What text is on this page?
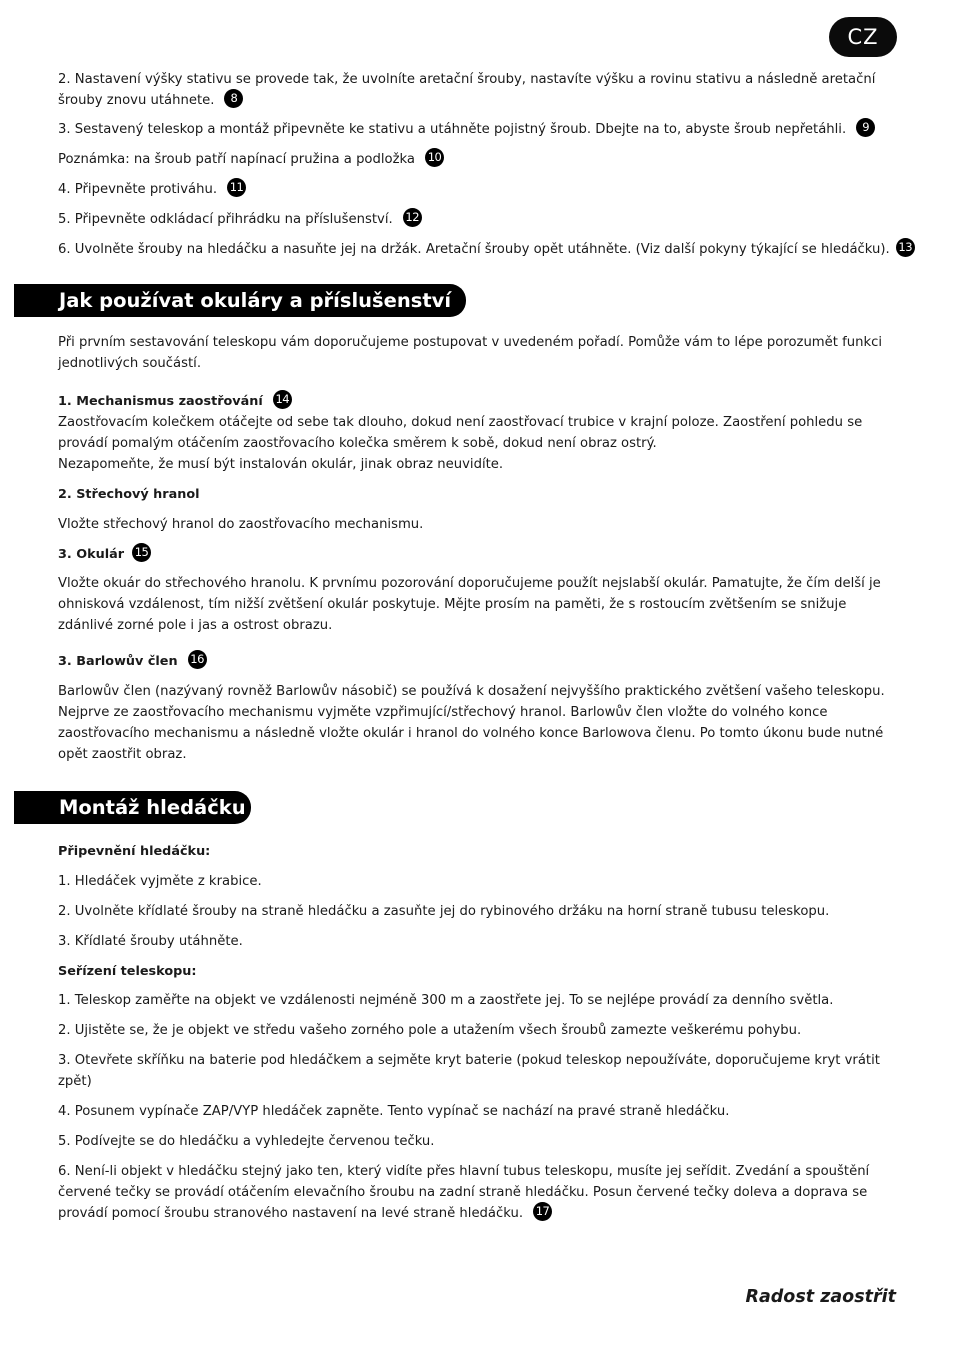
CZ

2. Nastavení výšky stativu se provede tak, že uvolníte aretační šrouby, nastavíte výšku a rovinu stativu a následně aretační šrouby znovu utáhnete. 8

3. Sestavený teleskop a montáž připevněte ke stativu a utáhněte pojistný šroub. Dbejte na to, abyste šroub nepřetáhli. 9

Poznámka: na šroub patří napínací pružina a podložka 10

4. Připevněte protiváhu. 11

5. Připevněte odkládací přihrádku na příslušenství. 12

6. Uvolněte šrouby na hledáčku a nasuňte jej na držák. Aretační šrouby opět utáhněte. (Viz další pokyny týkající se hledáčku). 13

Jak používat okuláry a příslušenství

Při prvním sestavování teleskopu vám doporučujeme postupovat v uvedeném pořadí. Pomůže vám to lépe porozumět funkci jednotlivých součástí.

1. Mechanismus zaostřování 14

Zaostřovacím kolečkem otáčejte od sebe tak dlouho, dokud není zaostřovací trubice v krajní poloze. Zaostření pohledu se provádí pomalým otáčením zaostřovacího kolečka směrem k sobě, dokud není obraz ostrý.

Nezapomeňte, že musí být instalován okulár, jinak obraz neuvidíte.

2. Střechový hranol

Vložte střechový hranol do zaostřovacího mechanismu.

3. Okulár 15

Vložte okuár do střechového hranolu. K prvnímu pozorování doporučujeme použít nejslabší okulár. Pamatujte, že čím delší je ohnisková vzdálenost, tím nižší zvětšení okulár poskytuje. Mějte prosím na paměti, že s rostoucím zvětšením se snižuje zdánlivé zorné pole i jas a ostrost obrazu.

3. Barlowův člen 16

Barlowův člen (nazývaný rovněž Barlowův násobič) se používá k dosažení nejvyššího praktického zvětšení vašeho teleskopu. Nejprve ze zaostřovacího mechanismu vyjměte vzpřimující/střechový hranol. Barlowův člen vložte do volného konce zaostřovacího mechanismu a následně vložte okulár i hranol do volného konce Barlowova členu. Po tomto úkonu bude nutné opět zaostřit obraz.

Montáž hledáčku

Připevnění hledáčku:

1. Hledáček vyjměte z krabice.

2. Uvolněte křídlaté šrouby na straně hledáčku a zasuňte jej do rybinového držáku na horní straně tubusu teleskopu.

3. Křídlaté šrouby utáhněte.

Seřízení teleskopu:

1. Teleskop zaměřte na objekt ve vzdálenosti nejméně 300 m a zaostřete jej. To se nejlépe provádí za denního světla.

2. Ujistěte se, že je objekt ve středu vašeho zorného pole a utažením všech šroubů zamezte veškerému pohybu.

3. Otevřete skříňku na baterie pod hledáčkem a sejměte kryt baterie (pokud teleskop nepoužíváte, doporučujeme kryt vrátit zpět)

4. Posunem vypínače ZAP/VYP hledáček zapněte. Tento vypínač se nachází na pravé straně hledáčku.

5. Podívejte se do hledáčku a vyhledejte červenou tečku.

6. Není-li objekt v hledáčku stejný jako ten, který vidíte přes hlavní tubus teleskopu, musíte jej seřídit. Zvedání a spouštění červené tečky se provádí otáčením elevačního šroubu na zadní straně hledáčku. Posun červené tečky doleva a doprava se provádí pomocí šroubu stranového nastavení na levé straně hledáčku. 17

Radost zaostřit
